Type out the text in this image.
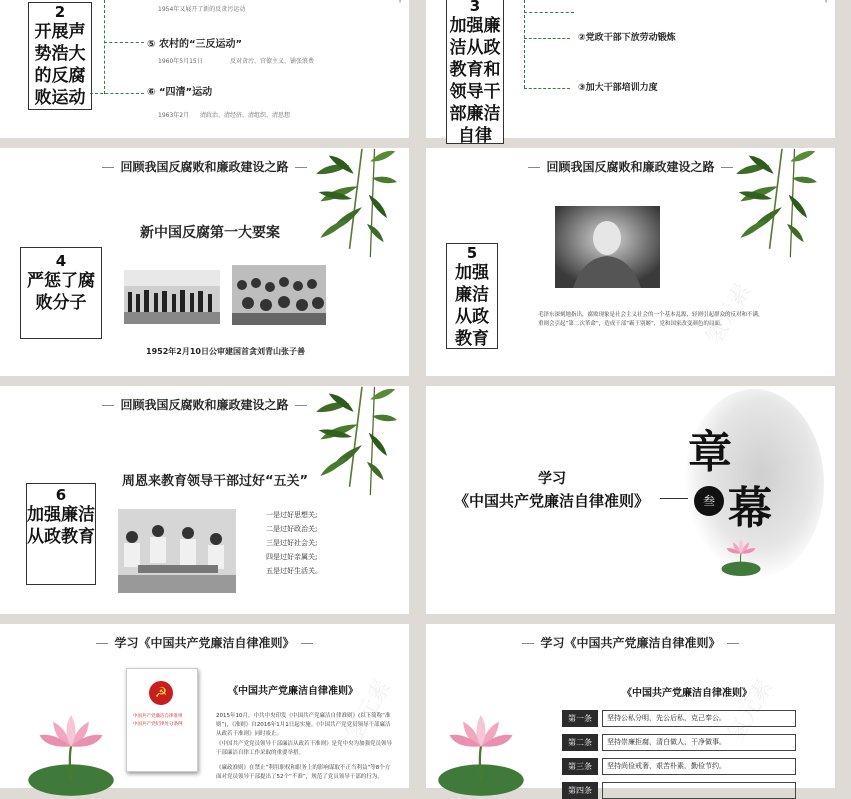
2
开展声势浩大的反腐败运动
1954年又展开了新的反贪污运动
⑤ 农村的“三反运动”
1960年5月15日	反对贪污、官僚主义、铺张浪费
⑥ “四清”运动
1963年2月 清政治、清经济、清组织、清思想
3
加强廉洁从政教育和领导干部廉洁自律
②党政干部下放劳动锻炼
③加大干部培训力度
回顾我国反腐败和廉政建设之路
4
严惩了腐败分子
新中国反腐第一大要案
1952年2月10日公审建国首贪刘青山张子善
回顾我国反腐败和廉政建设之路
5
加强廉洁从政教育
毛泽东深刻地指出，腐败现象是社会主义社会的一个基本乱源，轻则引起群众的反对和不满，重则会引起“第二次革命”，造成干部“霸王别姬”，党和国家改变颜色的局面。
氢元素
回顾我国反腐败和廉政建设之路
6
加强廉洁从政教育
周恩来教育领导干部过好“五关”
一是过好思想关;
二是过好政治关;
三是过好社会关;
四是过好亲属关;
五是过好生活关。
章
幕
叁
学习
《中国共产党廉洁自律准则》
学习《中国共产党廉洁自律准则》
☭
中国共产党廉洁自律准则
中国共产党纪律处分条例
《中国共产党廉洁自律准则》
2015年10月，中共中央印发《中国共产党廉洁自律准则》(以下简称“准则”)，《准则》自2016年1月1日起实施。《中国共产党党员领导干部廉洁从政若干准则》同时废止。
《中国共产党党员领导干部廉洁从政若干准则》是党中央为加强党员领导干部廉洁自律工作采取的重要举措。
《廉政准则》在禁止“利用职权和职务上的影响谋取不正当利益”等8个方面对党员领导干部提出了52个“不准”，规范了党员领导干部的行为。
氢元素
学习《中国共产党廉洁自律准则》
《中国共产党廉洁自律准则》
第一条	坚持公私分明，先公后私，克己奉公。
第二条	坚持崇廉拒腐，清白做人，干净做事。
第三条	坚持尚俭戒奢，艰苦朴素，勤俭节约。
第四条
氢元素
